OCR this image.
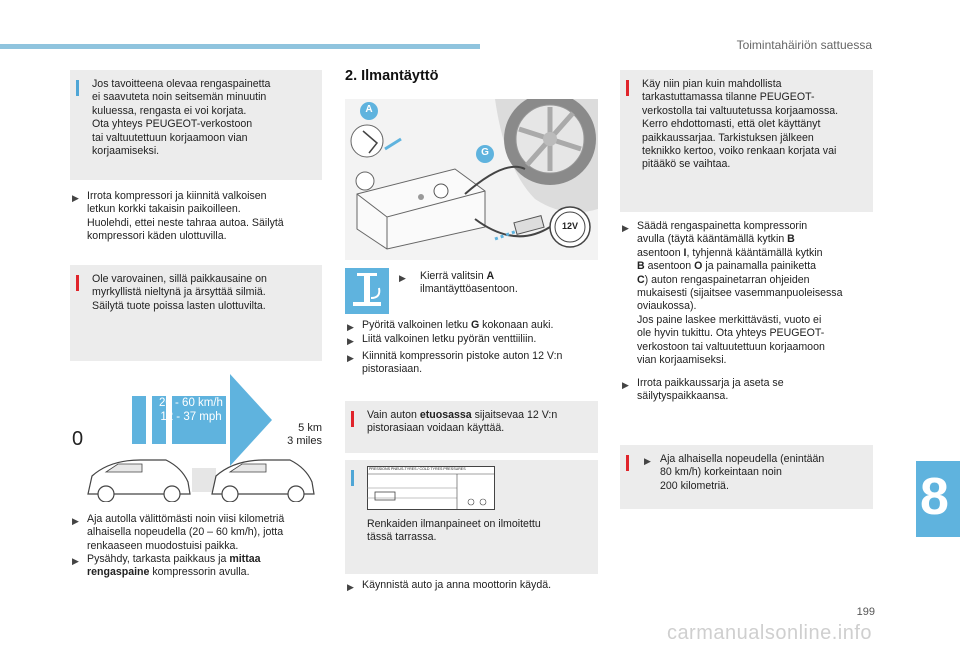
Toimintahäiriön sattuessa
Jos tavoitteena olevaa rengaspainetta
ei saavuteta noin seitsemän minuutin
kuluessa, rengasta ei voi korjata.
Ota yhteys PEUGEOT-verkostoon
tai valtuutettuun korjaamoon vian
korjaamiseksi.
▶ Irrota kompressori ja kiinnitä valkoisen
letkun korkki takaisin paikoilleen.
Huolehdi, ettei neste tahraa autoa. Säilytä
kompressori käden ulottuvilla.
Ole varovainen, sillä paikkausaine on
myrkyllistä nieltynä ja ärsyttää silmiä.
Säilytä tuote poissa lasten ulottuvilta.
20 - 60 km/h
12 - 37 mph
0	5 km
3 miles
▶ Aja autolla välittömästi noin viisi kilometriä
alhaisella nopeudella (20 – 60 km/h), jotta
renkaaseen muodostuisi paikka.
▶ Pysähdy, tarkasta paikkaus ja mittaa
rengaspaine kompressorin avulla.
2. Ilmantäyttö
A
G
12V
▶ Kierrä valitsin A
ilmantäyttöasentoon.
▶ Pyöritä valkoinen letku G kokonaan auki.
▶ Liitä valkoinen letku pyörän venttiiliin.
▶ Kiinnitä kompressorin pistoke auton 12 V:n
pistorasiaan.
Vain auton etuosassa sijaitsevaa 12 V:n
pistorasiaan voidaan käyttää.
PRESSIONS PNEUS-TYRES / COLD TYRES PRESSURES
Renkaiden ilmanpaineet on ilmoitettu
tässä tarrassa.
▶ Käynnistä auto ja anna moottorin käydä.
Käy niin pian kuin mahdollista
tarkastuttamassa tilanne PEUGEOT-
verkostolla tai valtuutetussa korjaamossa.
Kerro ehdottomasti, että olet käyttänyt
paikkaussarjaa. Tarkistuksen jälkeen
teknikko kertoo, voiko renkaan korjata vai
pitääkö se vaihtaa.
▶ Säädä rengaspainetta kompressorin
avulla (täytä kääntämällä kytkin B
asentoon I, tyhjennä kääntämällä kytkin
B asentoon O ja painamalla painiketta
C) auton rengaspainetarran ohjeiden
mukaisesti (sijaitsee vasemmanpuoleisessa
oviaukossa).
Jos paine laskee merkittävästi, vuoto ei
ole hyvin tukittu. Ota yhteys PEUGEOT-
verkostoon tai valtuutettuun korjaamoon
vian korjaamiseksi.
▶ Irrota paikkaussarja ja aseta se
säilytyspaikkaansa.
▶ Aja alhaisella nopeudella (enintään
80 km/h) korkeintaan noin
200 kilometriä.	8
199
carmanualsonline.info
